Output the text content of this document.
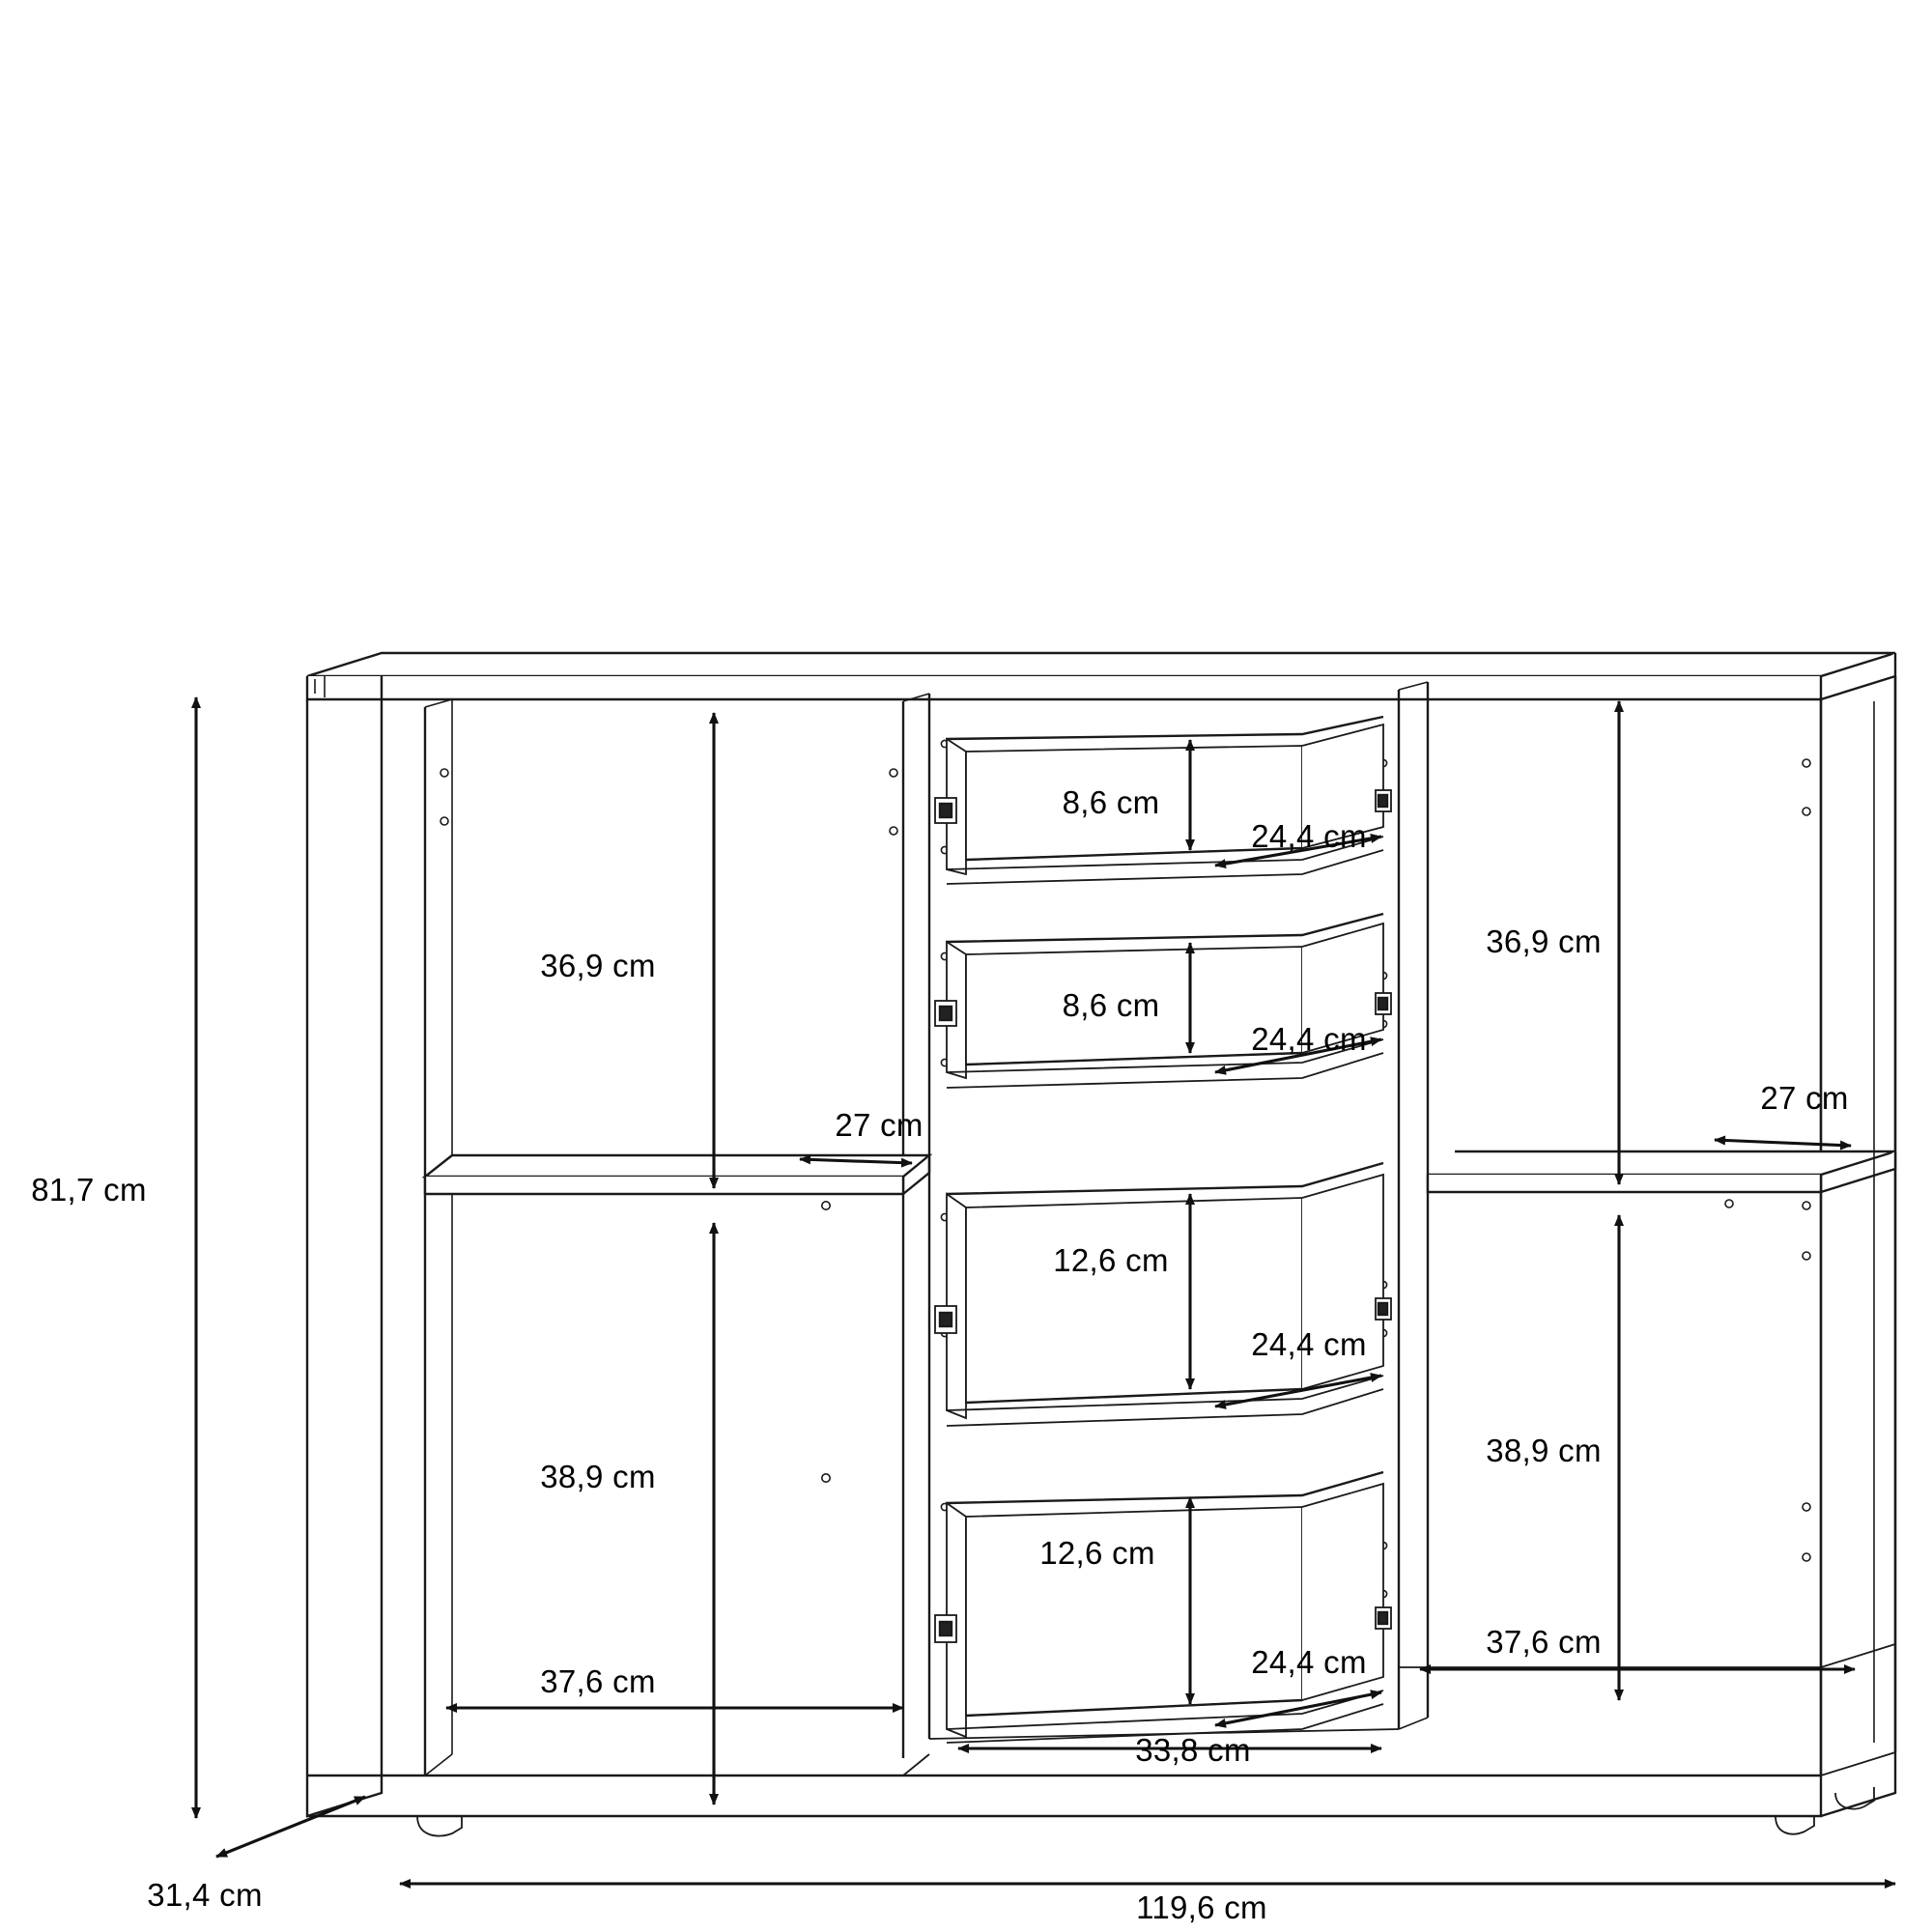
81,7 cm
31,4 cm	119,6 cm
36,9 cm
38,9 cm
27 cm
37,6 cm
8,6 cm
24,4 cm
8,6 cm
24,4 cm
12,6 cm
24,4 cm
12,6 cm
24,4 cm
33,8 cm
36,9 cm
38,9 cm
27 cm
37,6 cm
